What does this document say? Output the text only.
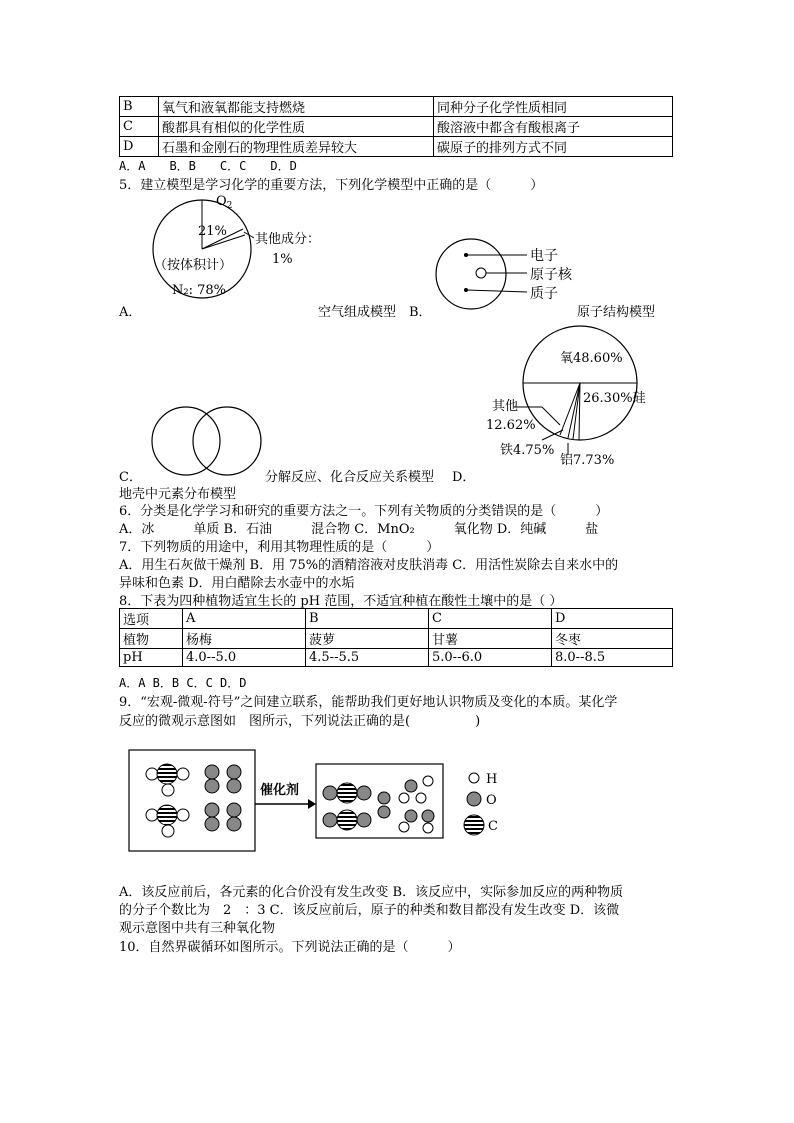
B	氧气和液氧都能支持燃烧	同种分子化学性质相同
C	酸都具有相似的化学性质	酸溶液中都含有酸根离子
D	石墨和金刚石的物理性质差异较大	碳原子的排列方式不同
A．A　　B．B　　C．C　　D．D
5．建立模型是学习化学的重要方法，下列化学模型中正确的是（　　　）
$O_2$
21%
其他成分：
1%
（按体积计）
N₂: 78%
电子
原子核
质子
A．	空气组成模型 B．	原子结构模型
氧48.60%
26.30%硅
其他
12.62%
铁4.75%
铝7.73%
C．	分解反应、化合反应关系模型 D．
地壳中元素分布模型
6．分类是化学学习和研究的重要方法之一。下列有关物质的分类错误的是（　　　）
A．冰　　　单质 B．石油　　　混合物 C．MnO₂　　　氧化物 D．纯碱　　　盐
7．下列物质的用途中，利用其物理性质的是（　　　）
A．用生石灰做干燥剂 B．用 75%的酒精溶液对皮肤消毒 C．用活性炭除去自来水中的
异味和色素 D．用白醋除去水壶中的水垢
8．下表为四种植物适宜生长的 pH 范围，不适宜种植在酸性土壤中的是（ ）
选项	A	B	C	D
植物	杨梅	菠萝	甘薯	冬枣
pH	4.0--5.0	4.5--5.5	5.0--6.0	8.0--8.5
A．A B．B C．C D．D
9．“宏观-微观-符号”之间建立联系，能帮助我们更好地认识物质及变化的本质。某化学
反应的微观示意图如　图所示，下列说法正确的是(　　　　　)
催化剂
H
O
C
A．该反应前后，各元素的化合价没有发生改变 B．该反应中，实际参加反应的两种物质
的分子个数比为　2　：3 C．该反应前后，原子的种类和数目都没有发生改变 D．该微
观示意图中共有三种氧化物
10．自然界碳循环如图所示。下列说法正确的是（　　　）
